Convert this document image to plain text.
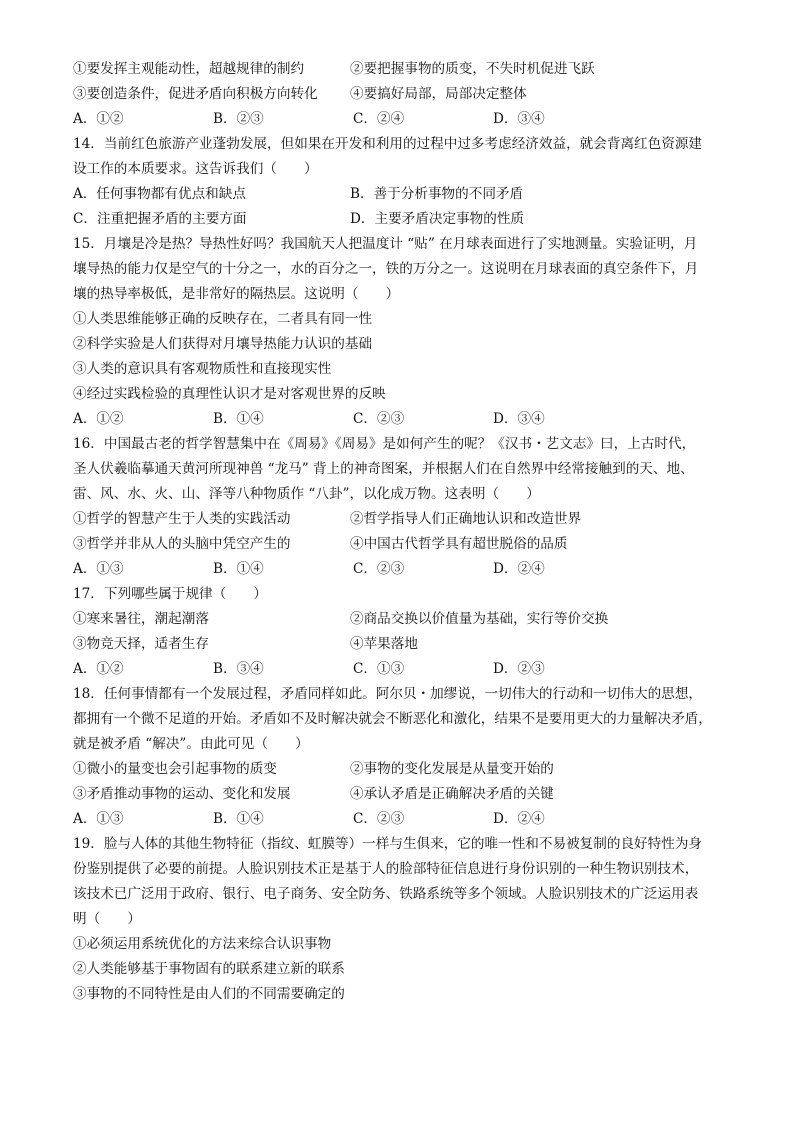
①要发挥主观能动性，超越规律的制约	②要把握事物的质变，不失时机促进飞跃
③要创造条件，促进矛盾向积极方向转化	④要搞好局部，局部决定整体
A．①②	B．②③	C．②④	D．③④
14．当前红色旅游产业蓬勃发展，但如果在开发和利用的过程中过多考虑经济效益，就会背离红色资源建
设工作的本质要求。这告诉我们（　　）
A．任何事物都有优点和缺点	B．善于分析事物的不同矛盾
C．注重把握矛盾的主要方面	D．主要矛盾决定事物的性质
15．月壤是冷是热？导热性好吗？我国航天人把温度计 “贴” 在月球表面进行了实地测量。实验证明，月
壤导热的能力仅是空气的十分之一，水的百分之一，铁的万分之一。这说明在月球表面的真空条件下，月
壤的热导率极低，是非常好的隔热层。这说明（　　）
①人类思维能够正确的反映存在，二者具有同一性
②科学实验是人们获得对月壤导热能力认识的基础
③人类的意识具有客观物质性和直接现实性
④经过实践检验的真理性认识才是对客观世界的反映
A．①②	B．①④	C．②③	D．③④
16．中国最古老的哲学智慧集中在《周易》《周易》是如何产生的呢？《汉书・艺文志》曰，上古时代，
圣人伏羲临摹通天黄河所现神兽 “龙马” 背上的神奇图案，并根据人们在自然界中经常接触到的天、地、
雷、风、水、火、山、泽等八种物质作 “八卦”，以化成万物。这表明（　　）
①哲学的智慧产生于人类的实践活动	②哲学指导人们正确地认识和改造世界
③哲学并非从人的头脑中凭空产生的	④中国古代哲学具有超世脱俗的品质
A．①③	B．①④	C．②③	D．②④
17．下列哪些属于规律（　　）
①寒来暑往，潮起潮落	②商品交换以价值量为基础，实行等价交换
③物竞天择，适者生存	④苹果落地
A．①②	B．③④	C．①③	D．②③
18．任何事情都有一个发展过程，矛盾同样如此。阿尔贝・加缪说，一切伟大的行动和一切伟大的思想，
都拥有一个微不足道的开始。矛盾如不及时解决就会不断恶化和激化，结果不是要用更大的力量解决矛盾，
就是被矛盾 “解决”。由此可见（　　）
①微小的量变也会引起事物的质变	②事物的变化发展是从量变开始的
③矛盾推动事物的运动、变化和发展	④承认矛盾是正确解决矛盾的关键
A．①③	B．①④	C．②③	D．②④
19．脸与人体的其他生物特征（指纹、虹膜等）一样与生俱来，它的唯一性和不易被复制的良好特性为身
份鉴别提供了必要的前提。人脸识别技术正是基于人的脸部特征信息进行身份识别的一种生物识别技术，
该技术已广泛用于政府、银行、电子商务、安全防务、铁路系统等多个领域。人脸识别技术的广泛运用表
明（　　）
①必须运用系统优化的方法来综合认识事物
②人类能够基于事物固有的联系建立新的联系
③事物的不同特性是由人们的不同需要确定的
